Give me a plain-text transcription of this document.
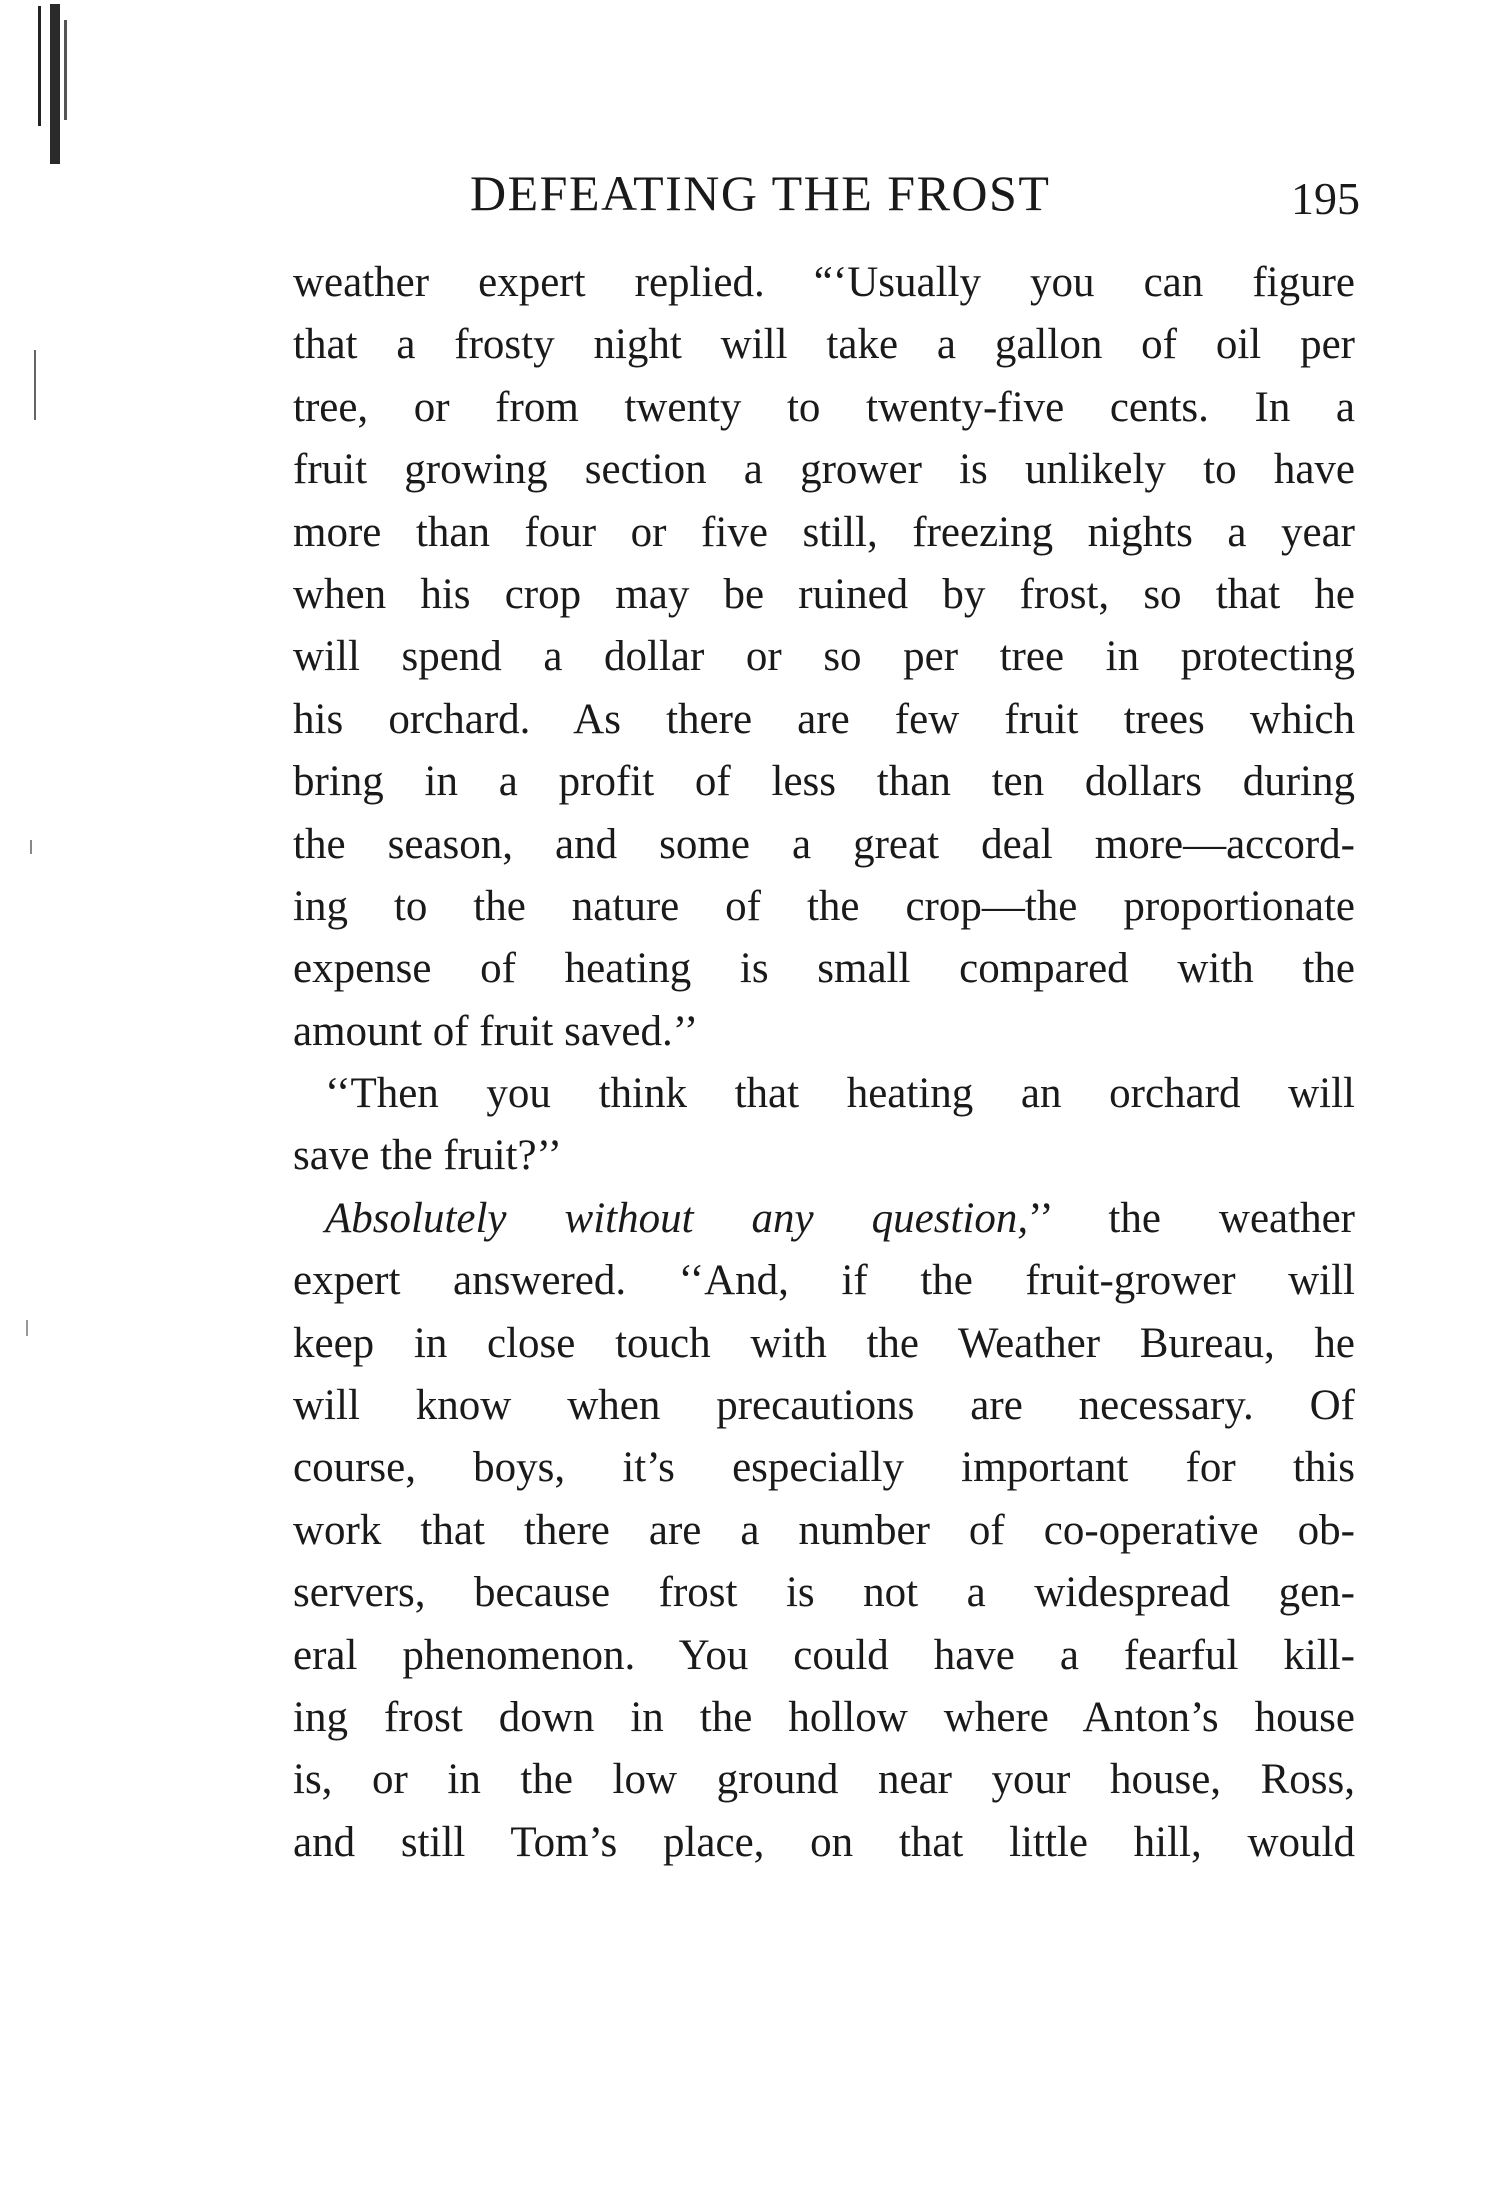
DEFEATING THE FROST	195
weather expert replied. “‘Usually you can figure
that a frosty night will take a gallon of oil per
tree, or from twenty to twenty-five cents. In a
fruit growing section a grower is unlikely to have
more than four or five still, freezing nights a year
when his crop may be ruined by frost, so that he
will spend a dollar or so per tree in protecting
his orchard. As there are few fruit trees which
bring in a profit of less than ten dollars during
the season, and some a great deal more—accord-
ing to the nature of the crop—the proportionate
expense of heating is small compared with the
amount of fruit saved.’’
‘‘Then you think that heating an orchard will
save the fruit?’’
Absolutely without any question,’’ the weather
expert answered. ‘‘And, if the fruit-grower will
keep in close touch with the Weather Bureau, he
will know when precautions are necessary. Of
course, boys, it’s especially important for this
work that there are a number of co-operative ob-
servers, because frost is not a widespread gen-
eral phenomenon. You could have a fearful kill-
ing frost down in the hollow where Anton’s house
is, or in the low ground near your house, Ross,
and still Tom’s place, on that little hill, would
